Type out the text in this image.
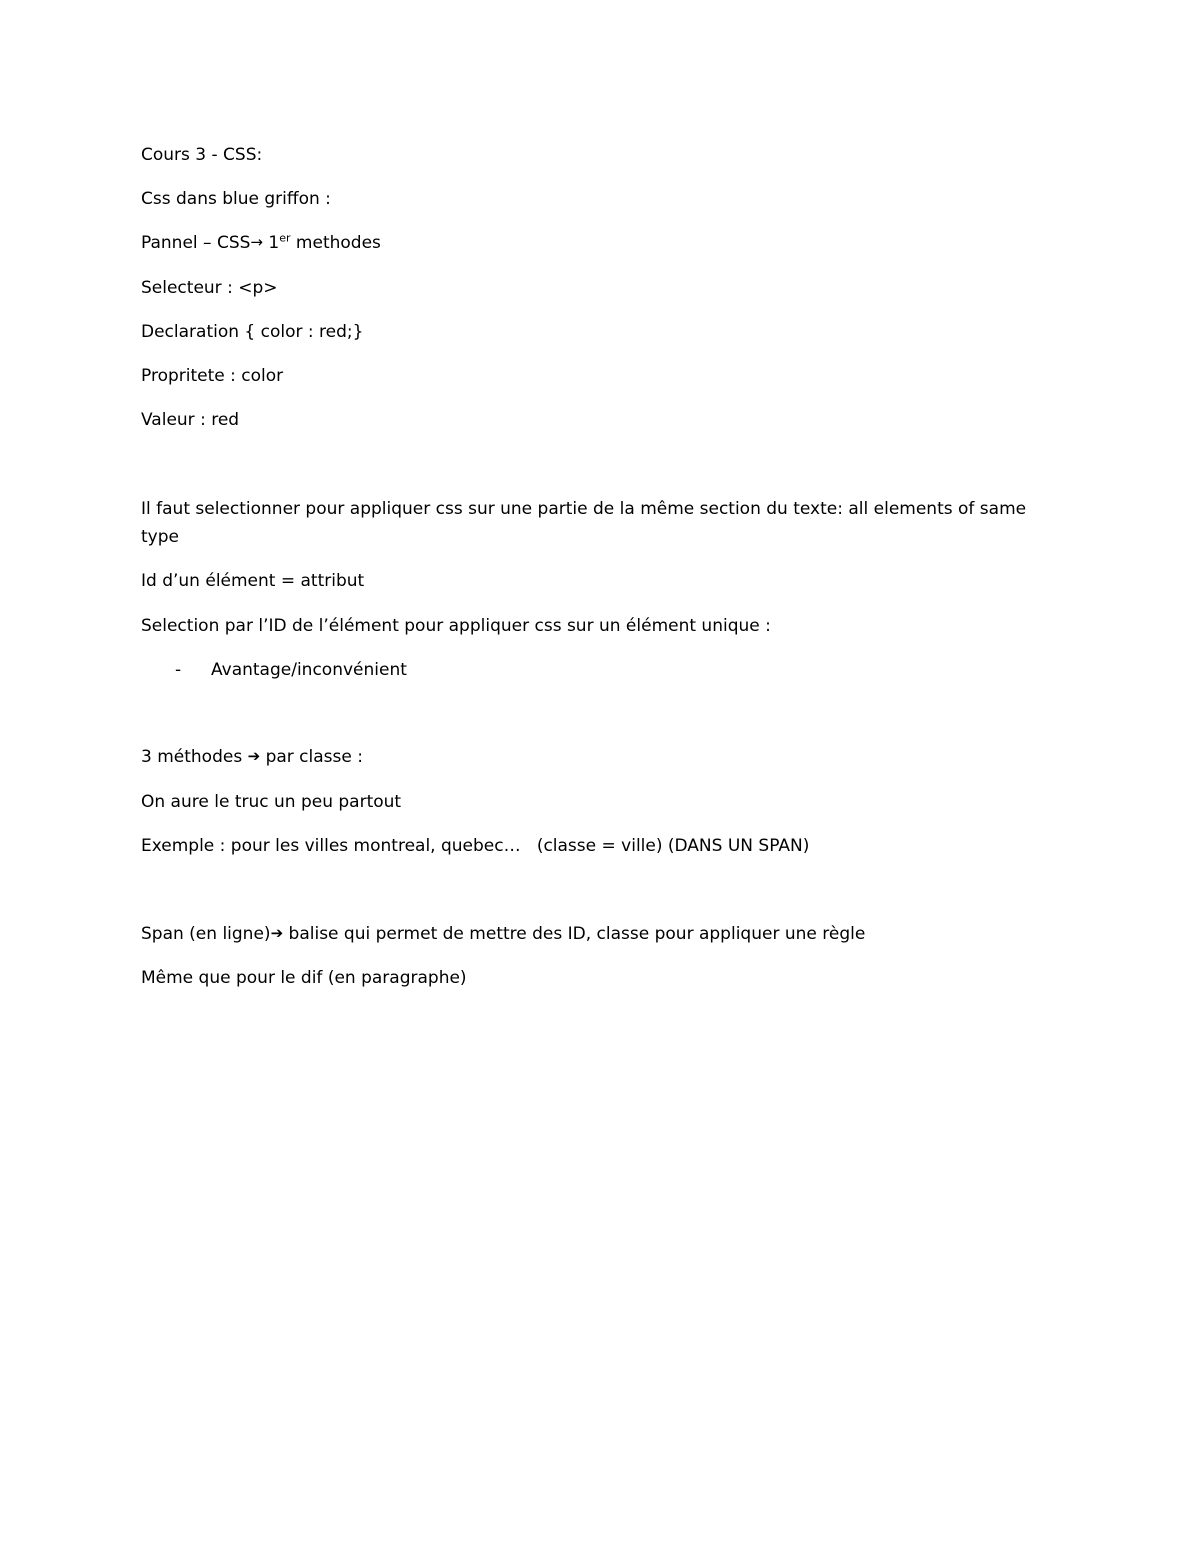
Cours 3 - CSS:
Css dans blue griffon :
Pannel – CSS→ 1er methodes
Selecteur : <p>
Declaration { color : red;}
Propritete : color
Valeur : red
Il faut selectionner pour appliquer css sur une partie de la même section du texte: all elements of same type
Id d’un élément = attribut
Selection par l’ID de l’élément pour appliquer css sur un élément unique :
- Avantage/inconvénient
3 méthodes ➔ par classe :
On aure le truc un peu partout
Exemple : pour les villes montreal, quebec…   (classe = ville) (DANS UN SPAN)
Span (en ligne)➔ balise qui permet de mettre des ID, classe pour appliquer une règle
Même que pour le dif (en paragraphe)
